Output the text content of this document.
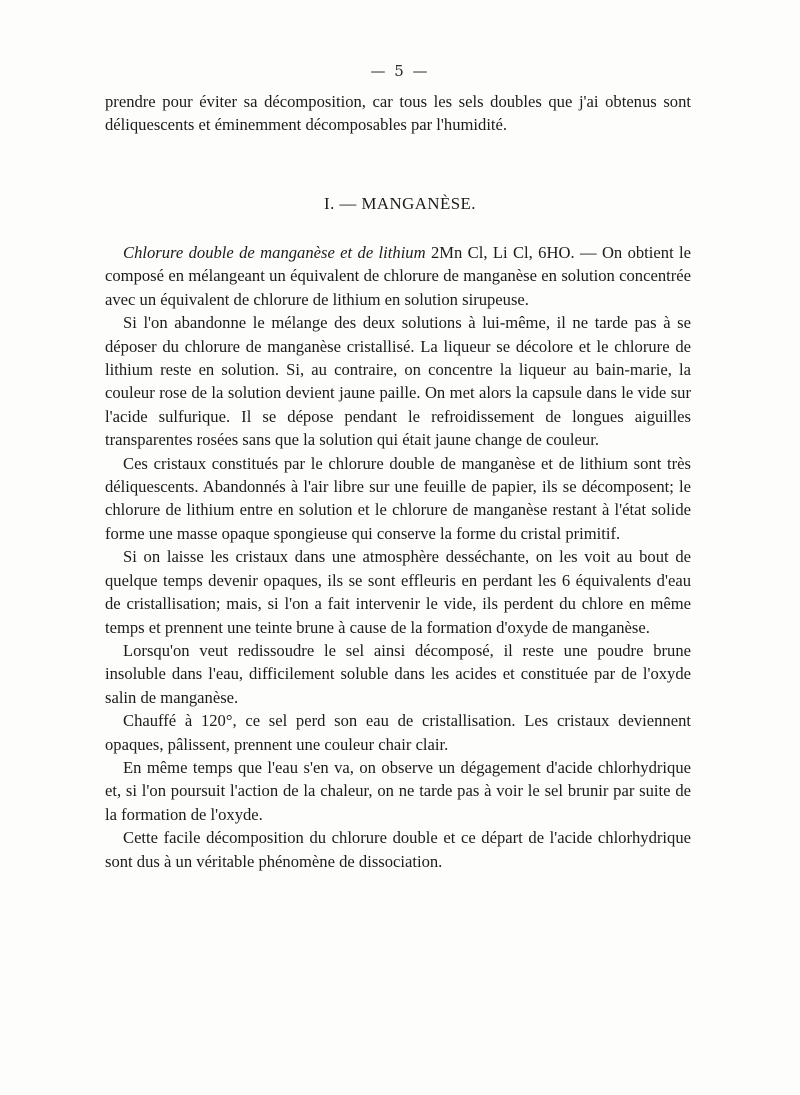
— 5 —

prendre pour éviter sa décomposition, car tous les sels doubles que j'ai obtenus sont déliquescents et éminemment décomposables par l'humidité.

I. — MANGANÈSE.

Chlorure double de manganèse et de lithium 2Mn Cl, Li Cl, 6HO. — On obtient le composé en mélangeant un équivalent de chlorure de manganèse en solution concentrée avec un équivalent de chlorure de lithium en solution sirupeuse.

Si l'on abandonne le mélange des deux solutions à lui-même, il ne tarde pas à se déposer du chlorure de manganèse cristallisé. La liqueur se décolore et le chlorure de lithium reste en solution. Si, au contraire, on concentre la liqueur au bain-marie, la couleur rose de la solution devient jaune paille. On met alors la capsule dans le vide sur l'acide sulfurique. Il se dépose pendant le refroidissement de longues aiguilles transparentes rosées sans que la solution qui était jaune change de couleur.

Ces cristaux constitués par le chlorure double de manganèse et de lithium sont très déliquescents. Abandonnés à l'air libre sur une feuille de papier, ils se décomposent; le chlorure de lithium entre en solution et le chlorure de manganèse restant à l'état solide forme une masse opaque spongieuse qui conserve la forme du cristal primitif.

Si on laisse les cristaux dans une atmosphère desséchante, on les voit au bout de quelque temps devenir opaques, ils se sont effleuris en perdant les 6 équivalents d'eau de cristallisation; mais, si l'on a fait intervenir le vide, ils perdent du chlore en même temps et prennent une teinte brune à cause de la formation d'oxyde de manganèse.

Lorsqu'on veut redissoudre le sel ainsi décomposé, il reste une poudre brune insoluble dans l'eau, difficilement soluble dans les acides et constituée par de l'oxyde salin de manganèse.

Chauffé à 120°, ce sel perd son eau de cristallisation. Les cristaux deviennent opaques, pâlissent, prennent une couleur chair clair.

En même temps que l'eau s'en va, on observe un dégagement d'acide chlorhydrique et, si l'on poursuit l'action de la chaleur, on ne tarde pas à voir le sel brunir par suite de la formation de l'oxyde.

Cette facile décomposition du chlorure double et ce départ de l'acide chlorhydrique sont dus à un véritable phénomène de dissociation.
